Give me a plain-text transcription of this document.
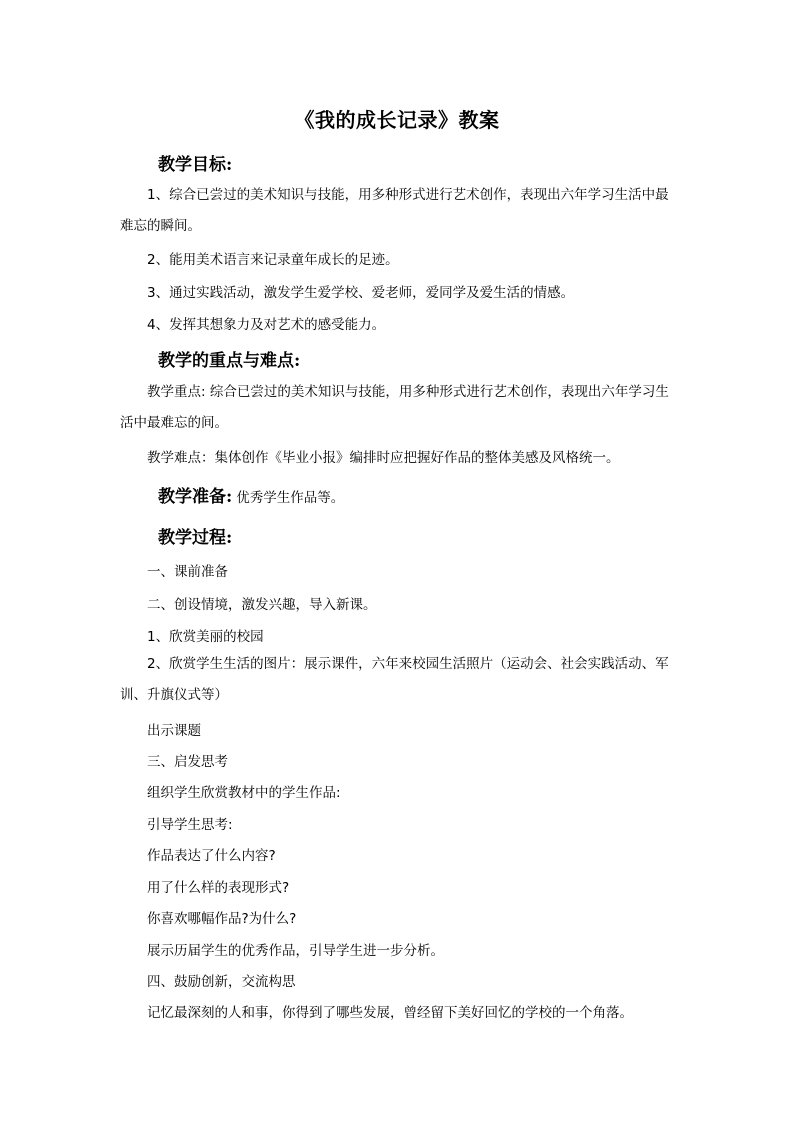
《我的成长记录》教案
教学目标:
1、综合已尝过的美术知识与技能，用多种形式进行艺术创作，表现出六年学习生活中最难忘的瞬间。
2、能用美术语言来记录童年成长的足迹。
3、通过实践活动，激发学生爱学校、爱老师，爱同学及爱生活的情感。
4、发挥其想象力及对艺术的感受能力。
教学的重点与难点:
教学重点: 综合已尝过的美术知识与技能，用多种形式进行艺术创作，表现出六年学习生活中最难忘的间。
教学难点：集体创作《毕业小报》编排时应把握好作品的整体美感及风格统一。
教学准备: 优秀学生作品等。
教学过程:
一、课前准备
二、创设情境，激发兴趣，导入新课。
1、欣赏美丽的校园
2、欣赏学生生活的图片：展示课件，六年来校园生活照片（运动会、社会实践活动、军训、升旗仪式等）
出示课题
三、启发思考
组织学生欣赏教材中的学生作品:
引导学生思考:
作品表达了什么内容?
用了什么样的表现形式?
你喜欢哪幅作品?为什么?
展示历届学生的优秀作品，引导学生进一步分析。
四、鼓励创新，交流构思
记忆最深刻的人和事，你得到了哪些发展，曾经留下美好回忆的学校的一个角落。
